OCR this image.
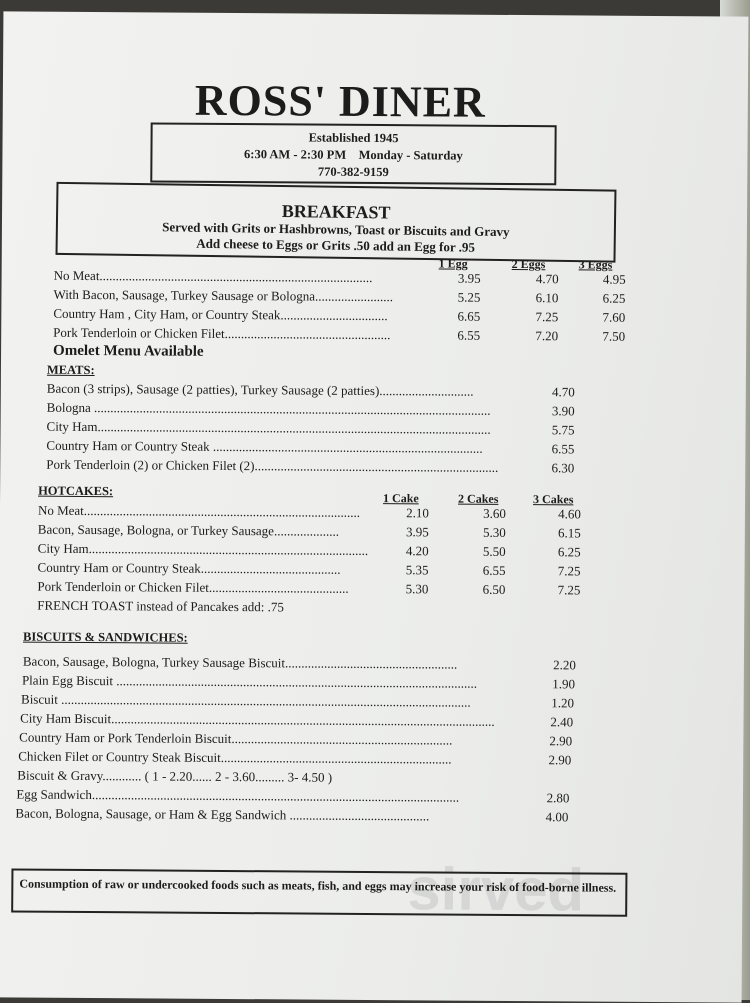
ROSS' DINER
Established 1945
6:30 AM - 2:30 PM    Monday - Saturday
770-382-9159
BREAKFAST
Served with Grits or Hashbrowns, Toast or Biscuits and Gravy
Add cheese to Eggs or Grits .50 add an Egg for .95
1 Egg	2 Eggs	3 Eggs
No Meat....................................................................................	3.95	4.70	4.95
With Bacon, Sausage, Turkey Sausage or Bologna........................	5.25	6.10	6.25
Country Ham , City Ham, or Country Steak.................................	6.65	7.25	7.60
Pork Tenderloin or Chicken Filet...................................................	6.55	7.20	7.50
Omelet Menu Available
MEATS:
Bacon (3 strips), Sausage (2 patties), Turkey Sausage (2 patties).............................	4.70
Bologna ..........................................................................................................................	3.90
City Ham.........................................................................................................................	5.75
Country Ham or Country Steak ...................................................................................	6.55
Pork Tenderloin (2) or Chicken Filet (2)...........................................................................	6.30
HOTCAKES:
1 Cake	2 Cakes	3 Cakes
No Meat.....................................................................................	2.10	3.60	4.60
Bacon, Sausage, Bologna, or Turkey Sausage....................	3.95	5.30	6.15
City Ham......................................................................................	4.20	5.50	6.25
Country Ham or Country Steak...........................................	5.35	6.55	7.25
Pork Tenderloin or Chicken Filet...........................................	5.30	6.50	7.25
FRENCH TOAST instead of Pancakes add: .75
BISCUITS & SANDWICHES:
Bacon, Sausage, Bologna, Turkey Sausage Biscuit.....................................................	2.20
Plain Egg Biscuit ...............................................................................................................	1.90
Biscuit ..............................................................................................................................	1.20
City Ham Biscuit......................................................................................................................	2.40
Country Ham or Pork Tenderloin Biscuit....................................................................	2.90
Chicken Filet or Country Steak Biscuit.......................................................................	2.90
Biscuit & Gravy............ ( 1 - 2.20...... 2 - 3.60......... 3- 4.50 )
Egg Sandwich.................................................................................................................	2.80
Bacon, Bologna, Sausage, or Ham & Egg Sandwich ...........................................	4.00
sirved
Consumption of raw or undercooked foods such as meats, fish, and eggs may increase your risk of food-borne illness.
